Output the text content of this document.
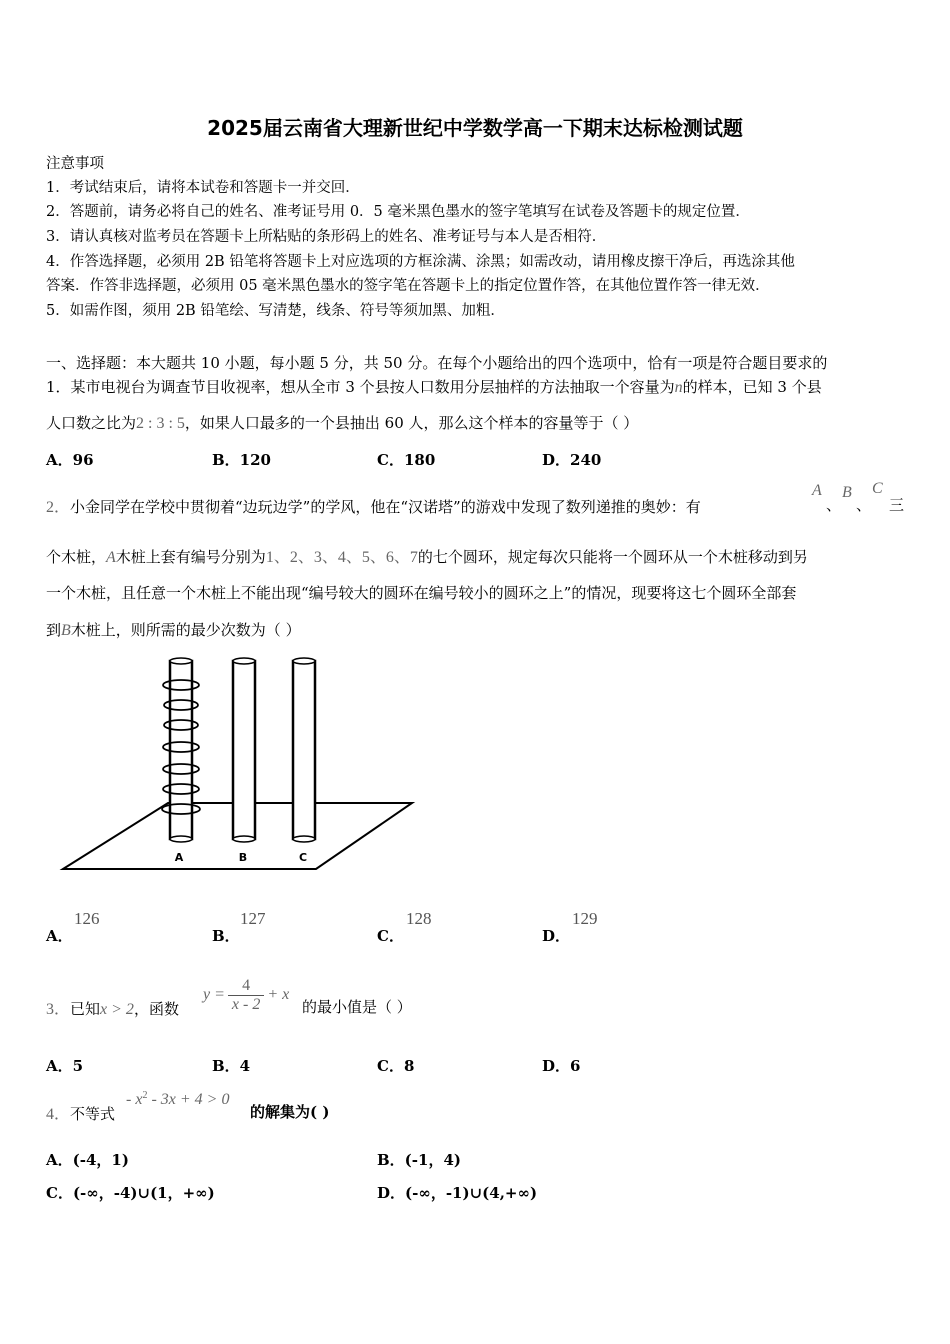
2025届云南省大理新世纪中学数学高一下期末达标检测试题
注意事项
1．考试结束后，请将本试卷和答题卡一并交回．
2．答题前，请务必将自己的姓名、准考证号用 0．5 毫米黑色墨水的签字笔填写在试卷及答题卡的规定位置．
3．请认真核对监考员在答题卡上所粘贴的条形码上的姓名、准考证号与本人是否相符．
4．作答选择题，必须用 2B 铅笔将答题卡上对应选项的方框涂满、涂黑；如需改动，请用橡皮擦干净后，再选涂其他
答案．作答非选择题，必须用 05 毫米黑色墨水的签字笔在答题卡上的指定位置作答，在其他位置作答一律无效．
5．如需作图，须用 2B 铅笔绘、写清楚，线条、符号等须加黑、加粗．
一、选择题：本大题共 10 小题，每小题 5 分，共 50 分。在每个小题给出的四个选项中，恰有一项是符合题目要求的
1．某市电视台为调查节目收视率，想从全市 3 个县按人口数用分层抽样的方法抽取一个容量为n的样本，已知 3 个县
人口数之比为2 : 3 : 5，如果人口最多的一个县抽出 60 人，那么这个样本的容量等于（ ）
A．96	B．120	C．180	D．240
2．小金同学在学校中贯彻着“边玩边学”的学风，他在“汉诺塔”的游戏中发现了数列递推的奥妙：有
A
、
B
、
C
三
个木桩，A木桩上套有编号分别为1、2、3、4、5、6、7的七个圆环，规定每次只能将一个圆环从一个木桩移动到另
一个木桩，且任意一个木桩上不能出现“编号较大的圆环在编号较小的圆环之上”的情况，现要将这七个圆环全部套
到B木桩上，则所需的最少次数为（ ）
A	B	C
A．
126
B．
127
C．
128
D．
129
3．已知x > 2，函数
$y = \frac{4}{x - 2} + x$
的最小值是（ ）
A．5	B．4	C．8	D．6
4．不等式
- $x^2 - 3x + 4 > 0$
的解集为( )
A．(-4，1)	B．(-1，4)
C．(-∞，-4)∪(1，+∞)	D．(-∞，-1)∪(4,+∞)
